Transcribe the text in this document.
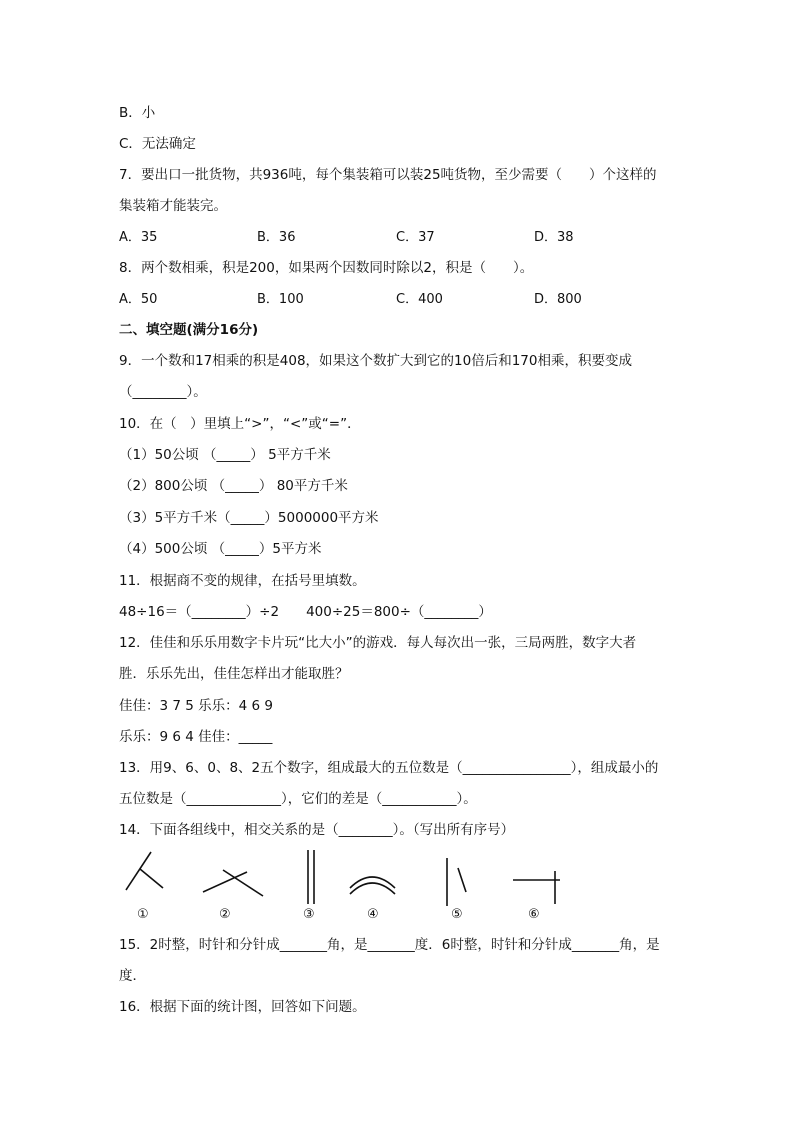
B．小
C．无法确定
7．要出口一批货物，共936吨，每个集装箱可以装25吨货物，至少需要（　　）个这样的
集装箱才能装完。
A．35	B．36	C．37	D．38
8．两个数相乘，积是200，如果两个因数同时除以2，积是（　　）。
A．50	B．100	C．400	D．800
二、填空题(满分16分)
9．一个数和17相乘的积是408，如果这个数扩大到它的10倍后和170相乘，积要变成
（________）。
10．在（　）里填上“>”，“<”或“=”．
（1）50公顷 （_____） 5平方千米
（2）800公顷 （_____） 80平方千米
（3）5平方千米（_____）5000000平方米
（4）500公顷 （_____）5平方米
11．根据商不变的规律，在括号里填数。
48÷16＝（________）÷2　　400÷25＝800÷（________）
12．佳佳和乐乐用数字卡片玩“比大小”的游戏．每人每次出一张，三局两胜，数字大者
胜．乐乐先出，佳佳怎样出才能取胜？
佳佳：3 7 5 乐乐：4 6 9
乐乐：9 6 4 佳佳：_____
13．用9、6、0、8、2五个数字，组成最大的五位数是（________________），组成最小的
五位数是（______________），它们的差是（___________）。
14．下面各组线中，相交关系的是（________）。（写出所有序号）
①	②	③	④	⑤	⑥
15．2时整，时针和分针成_______角，是_______度．6时整，时针和分针成_______角，是
度．
16．根据下面的统计图，回答如下问题。
